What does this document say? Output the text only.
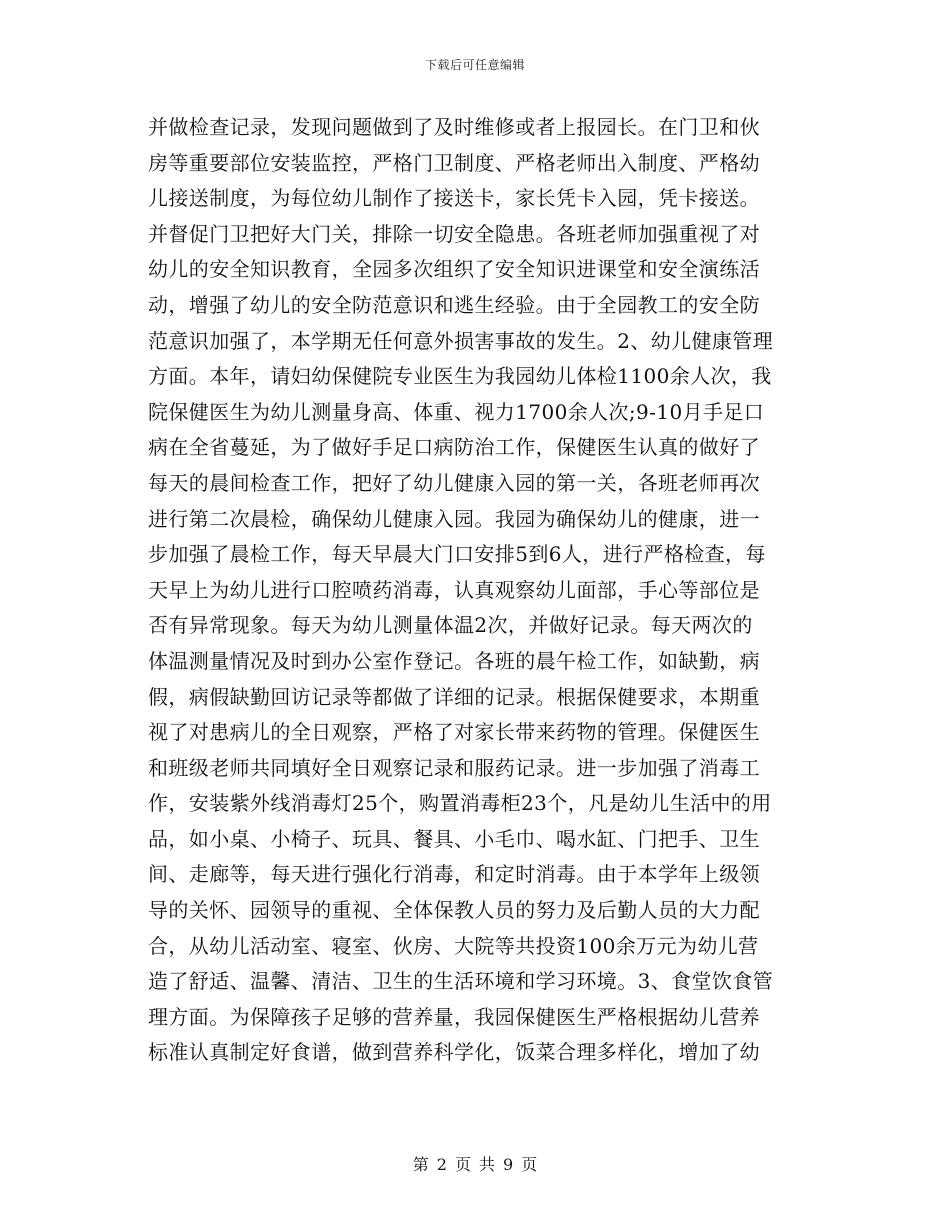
下载后可任意编辑
并做检查记录，发现问题做到了及时维修或者上报园长。在门卫和伙
房等重要部位安装监控，严格门卫制度、严格老师出入制度、严格幼
儿接送制度，为每位幼儿制作了接送卡，家长凭卡入园，凭卡接送。
并督促门卫把好大门关，排除一切安全隐患。各班老师加强重视了对
幼儿的安全知识教育，全园多次组织了安全知识进课堂和安全演练活
动，增强了幼儿的安全防范意识和逃生经验。由于全园教工的安全防
范意识加强了，本学期无任何意外损害事故的发生。2、幼儿健康管理
方面。本年，请妇幼保健院专业医生为我园幼儿体检1100余人次，我
院保健医生为幼儿测量身高、体重、视力1700余人次;9-10月手足口
病在全省蔓延，为了做好手足口病防治工作，保健医生认真的做好了
每天的晨间检查工作，把好了幼儿健康入园的第一关，各班老师再次
进行第二次晨检，确保幼儿健康入园。我园为确保幼儿的健康，进一
步加强了晨检工作，每天早晨大门口安排5到6人，进行严格检查，每
天早上为幼儿进行口腔喷药消毒，认真观察幼儿面部，手心等部位是
否有异常现象。每天为幼儿测量体温2次，并做好记录。每天两次的
体温测量情况及时到办公室作登记。各班的晨午检工作，如缺勤，病
假，病假缺勤回访记录等都做了详细的记录。根据保健要求，本期重
视了对患病儿的全日观察，严格了对家长带来药物的管理。保健医生
和班级老师共同填好全日观察记录和服药记录。进一步加强了消毒工
作，安装紫外线消毒灯25个，购置消毒柜23个，凡是幼儿生活中的用
品，如小桌、小椅子、玩具、餐具、小毛巾、喝水缸、门把手、卫生
间、走廊等，每天进行强化行消毒，和定时消毒。由于本学年上级领
导的关怀、园领导的重视、全体保教人员的努力及后勤人员的大力配
合，从幼儿活动室、寝室、伙房、大院等共投资100余万元为幼儿营
造了舒适、温馨、清洁、卫生的生活环境和学习环境。3、食堂饮食管
理方面。为保障孩子足够的营养量，我园保健医生严格根据幼儿营养
标准认真制定好食谱，做到营养科学化，饭菜合理多样化，增加了幼
第 2 页 共 9 页
